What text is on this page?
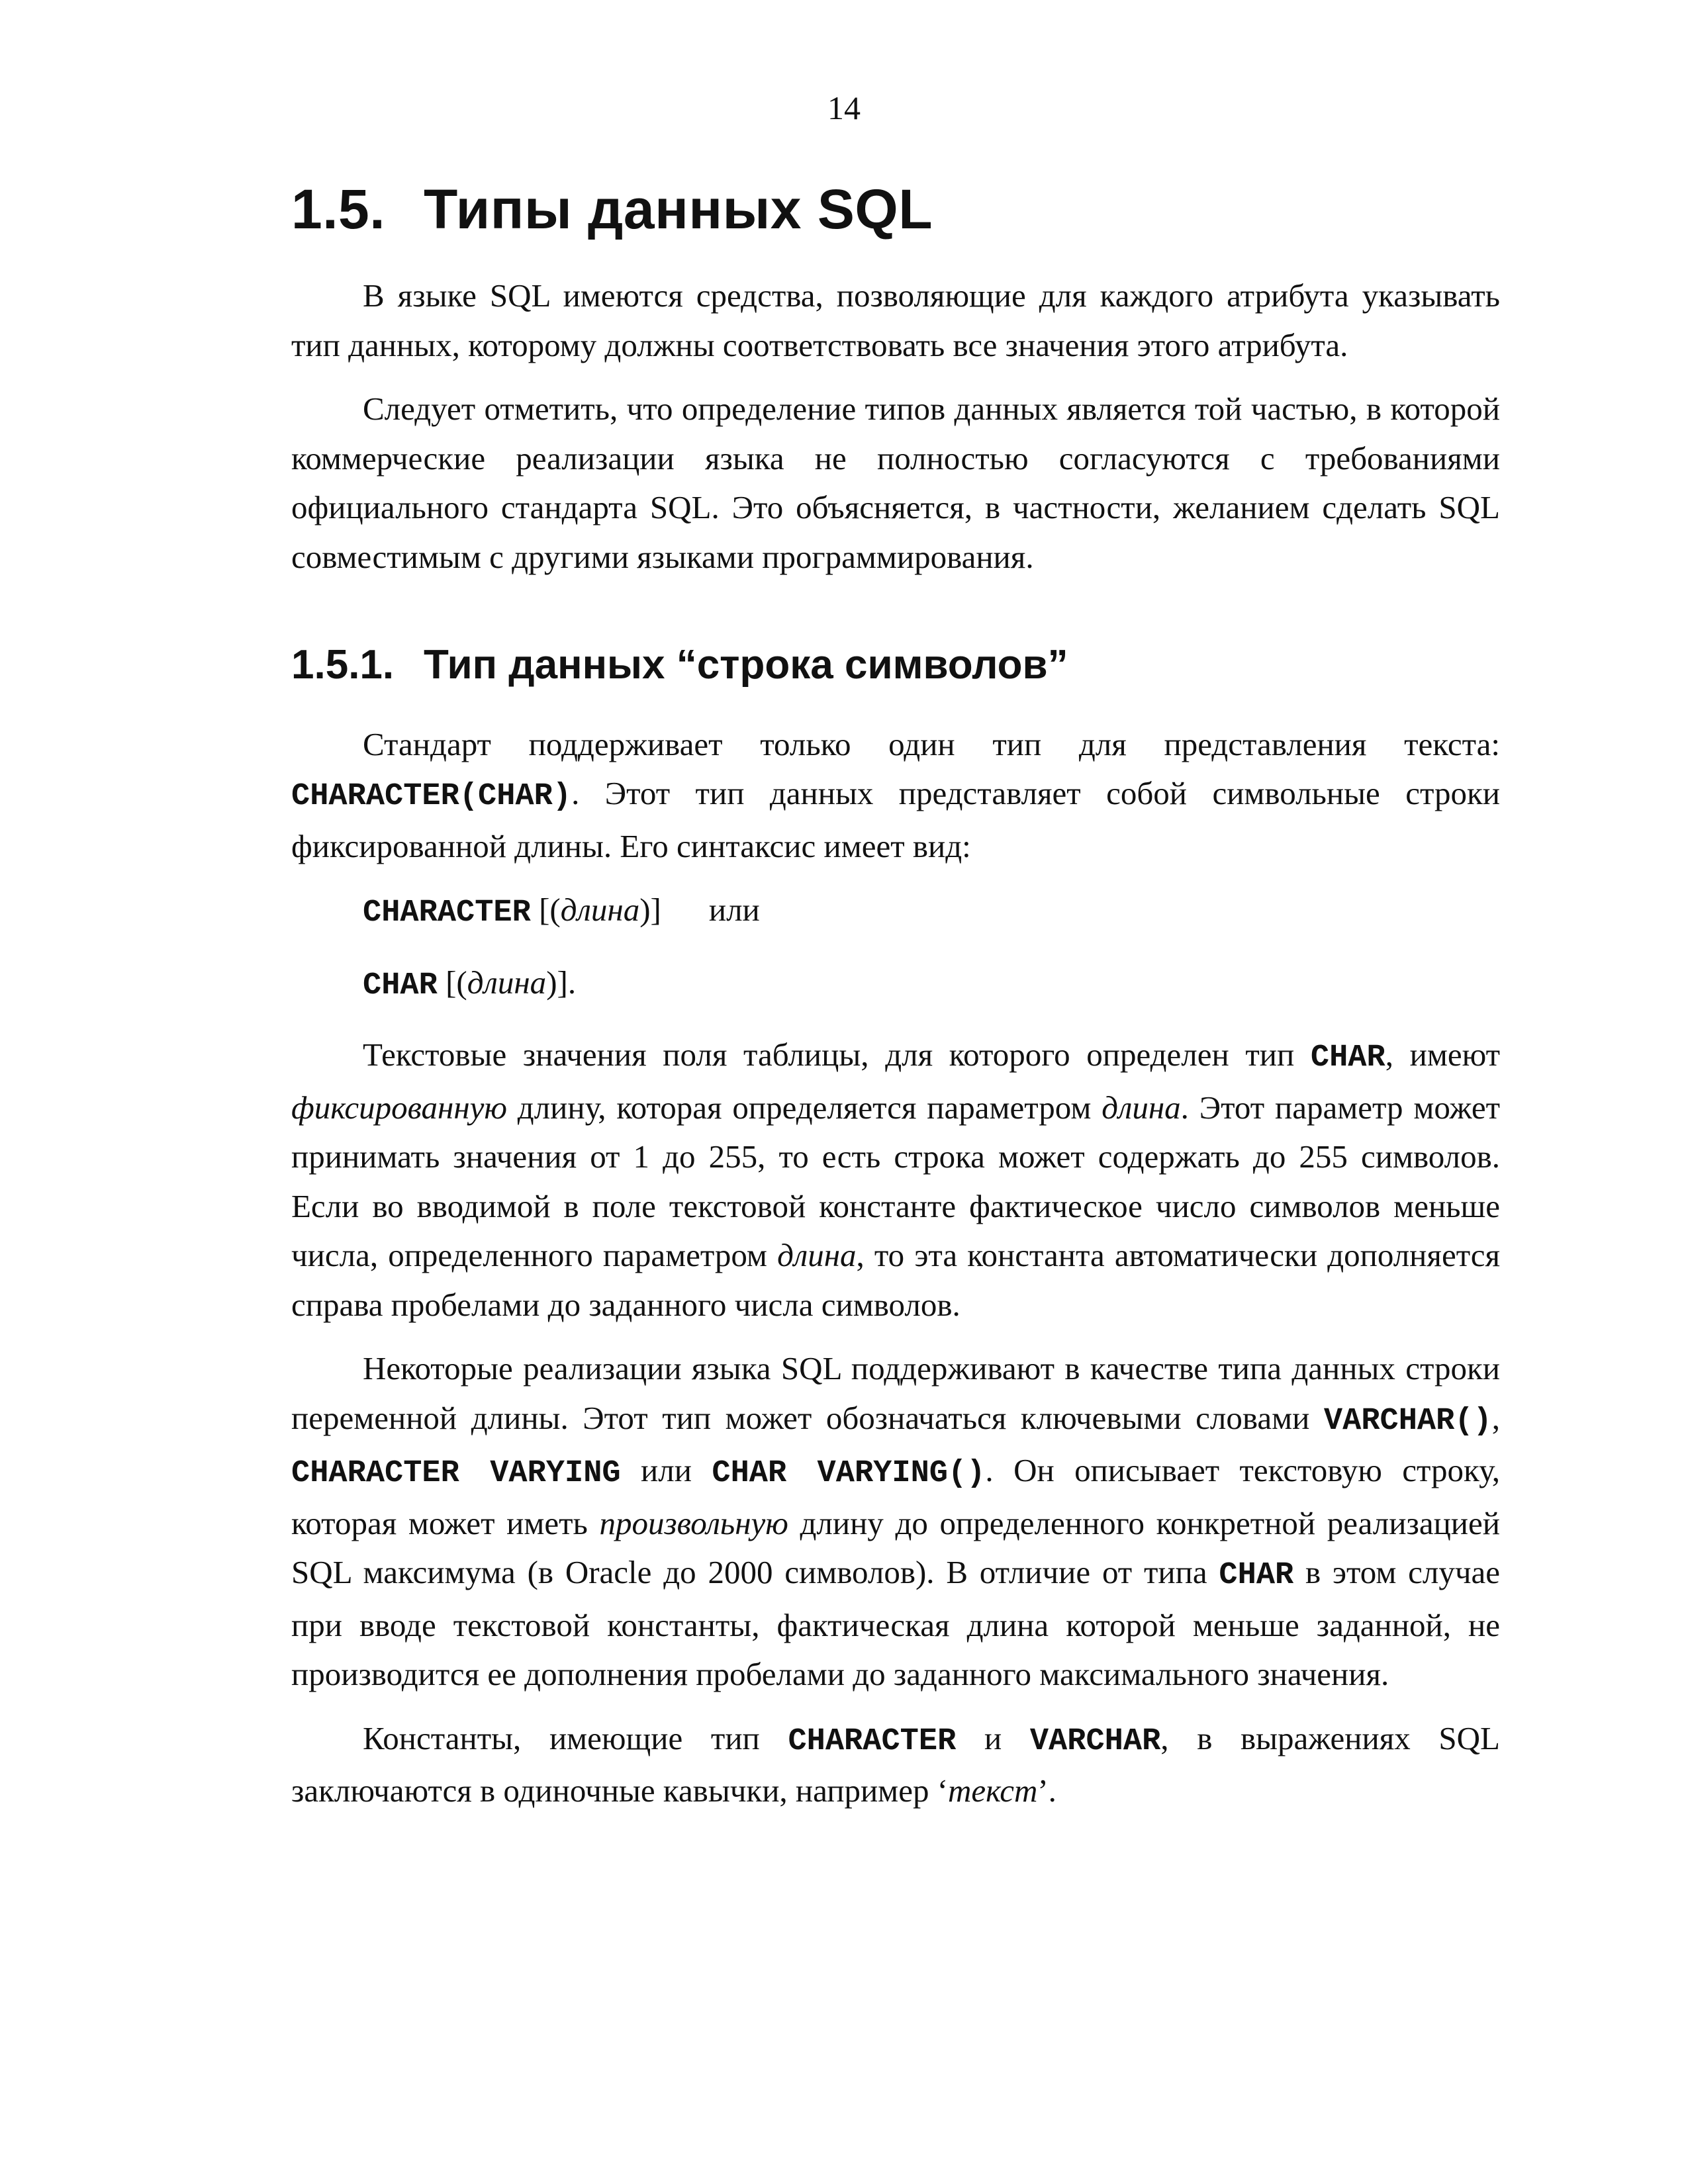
14
1.5. Типы данных SQL

В языке SQL имеются средства, позволяющие для каждого атрибута указывать тип данных, которому должны соответствовать все значения этого атрибута.

Следует отметить, что определение типов данных является той частью, в которой коммерческие реализации языка не полностью согласуются с требованиями официального стандарта SQL. Это объясняется, в частности, желанием сделать SQL совместимым с другими языками программирования.

1.5.1. Тип данных “строка символов”

Стандарт поддерживает только один тип для представления текста: CHARACTER(CHAR). Этот тип данных представляет собой символьные строки фиксированной длины. Его синтаксис имеет вид:

CHARACTER [(длина)] или

CHAR [(длина)].

Текстовые значения поля таблицы, для которого определен тип CHAR, имеют фиксированную длину, которая определяется параметром длина. Этот параметр может принимать значения от 1 до 255, то есть строка может содержать до 255 символов. Если во вводимой в поле текстовой константе фактическое число символов меньше числа, определенного параметром длина, то эта константа автоматически дополняется справа пробелами до заданного числа символов.

Некоторые реализации языка SQL поддерживают в качестве типа данных строки переменной длины. Этот тип может обозначаться ключевыми словами VARCHAR(), CHARACTER VARYING или CHAR VARYING(). Он описывает текстовую строку, которая может иметь произвольную длину до определенного конкретной реализацией SQL максимума (в Oracle до 2000 символов). В отличие от типа CHAR в этом случае при вводе текстовой константы, фактическая длина которой меньше заданной, не производится ее дополнения пробелами до заданного максимального значения.

Константы, имеющие тип CHARACTER и VARCHAR, в выражениях SQL заключаются в одиночные кавычки, например ‘текст’.
